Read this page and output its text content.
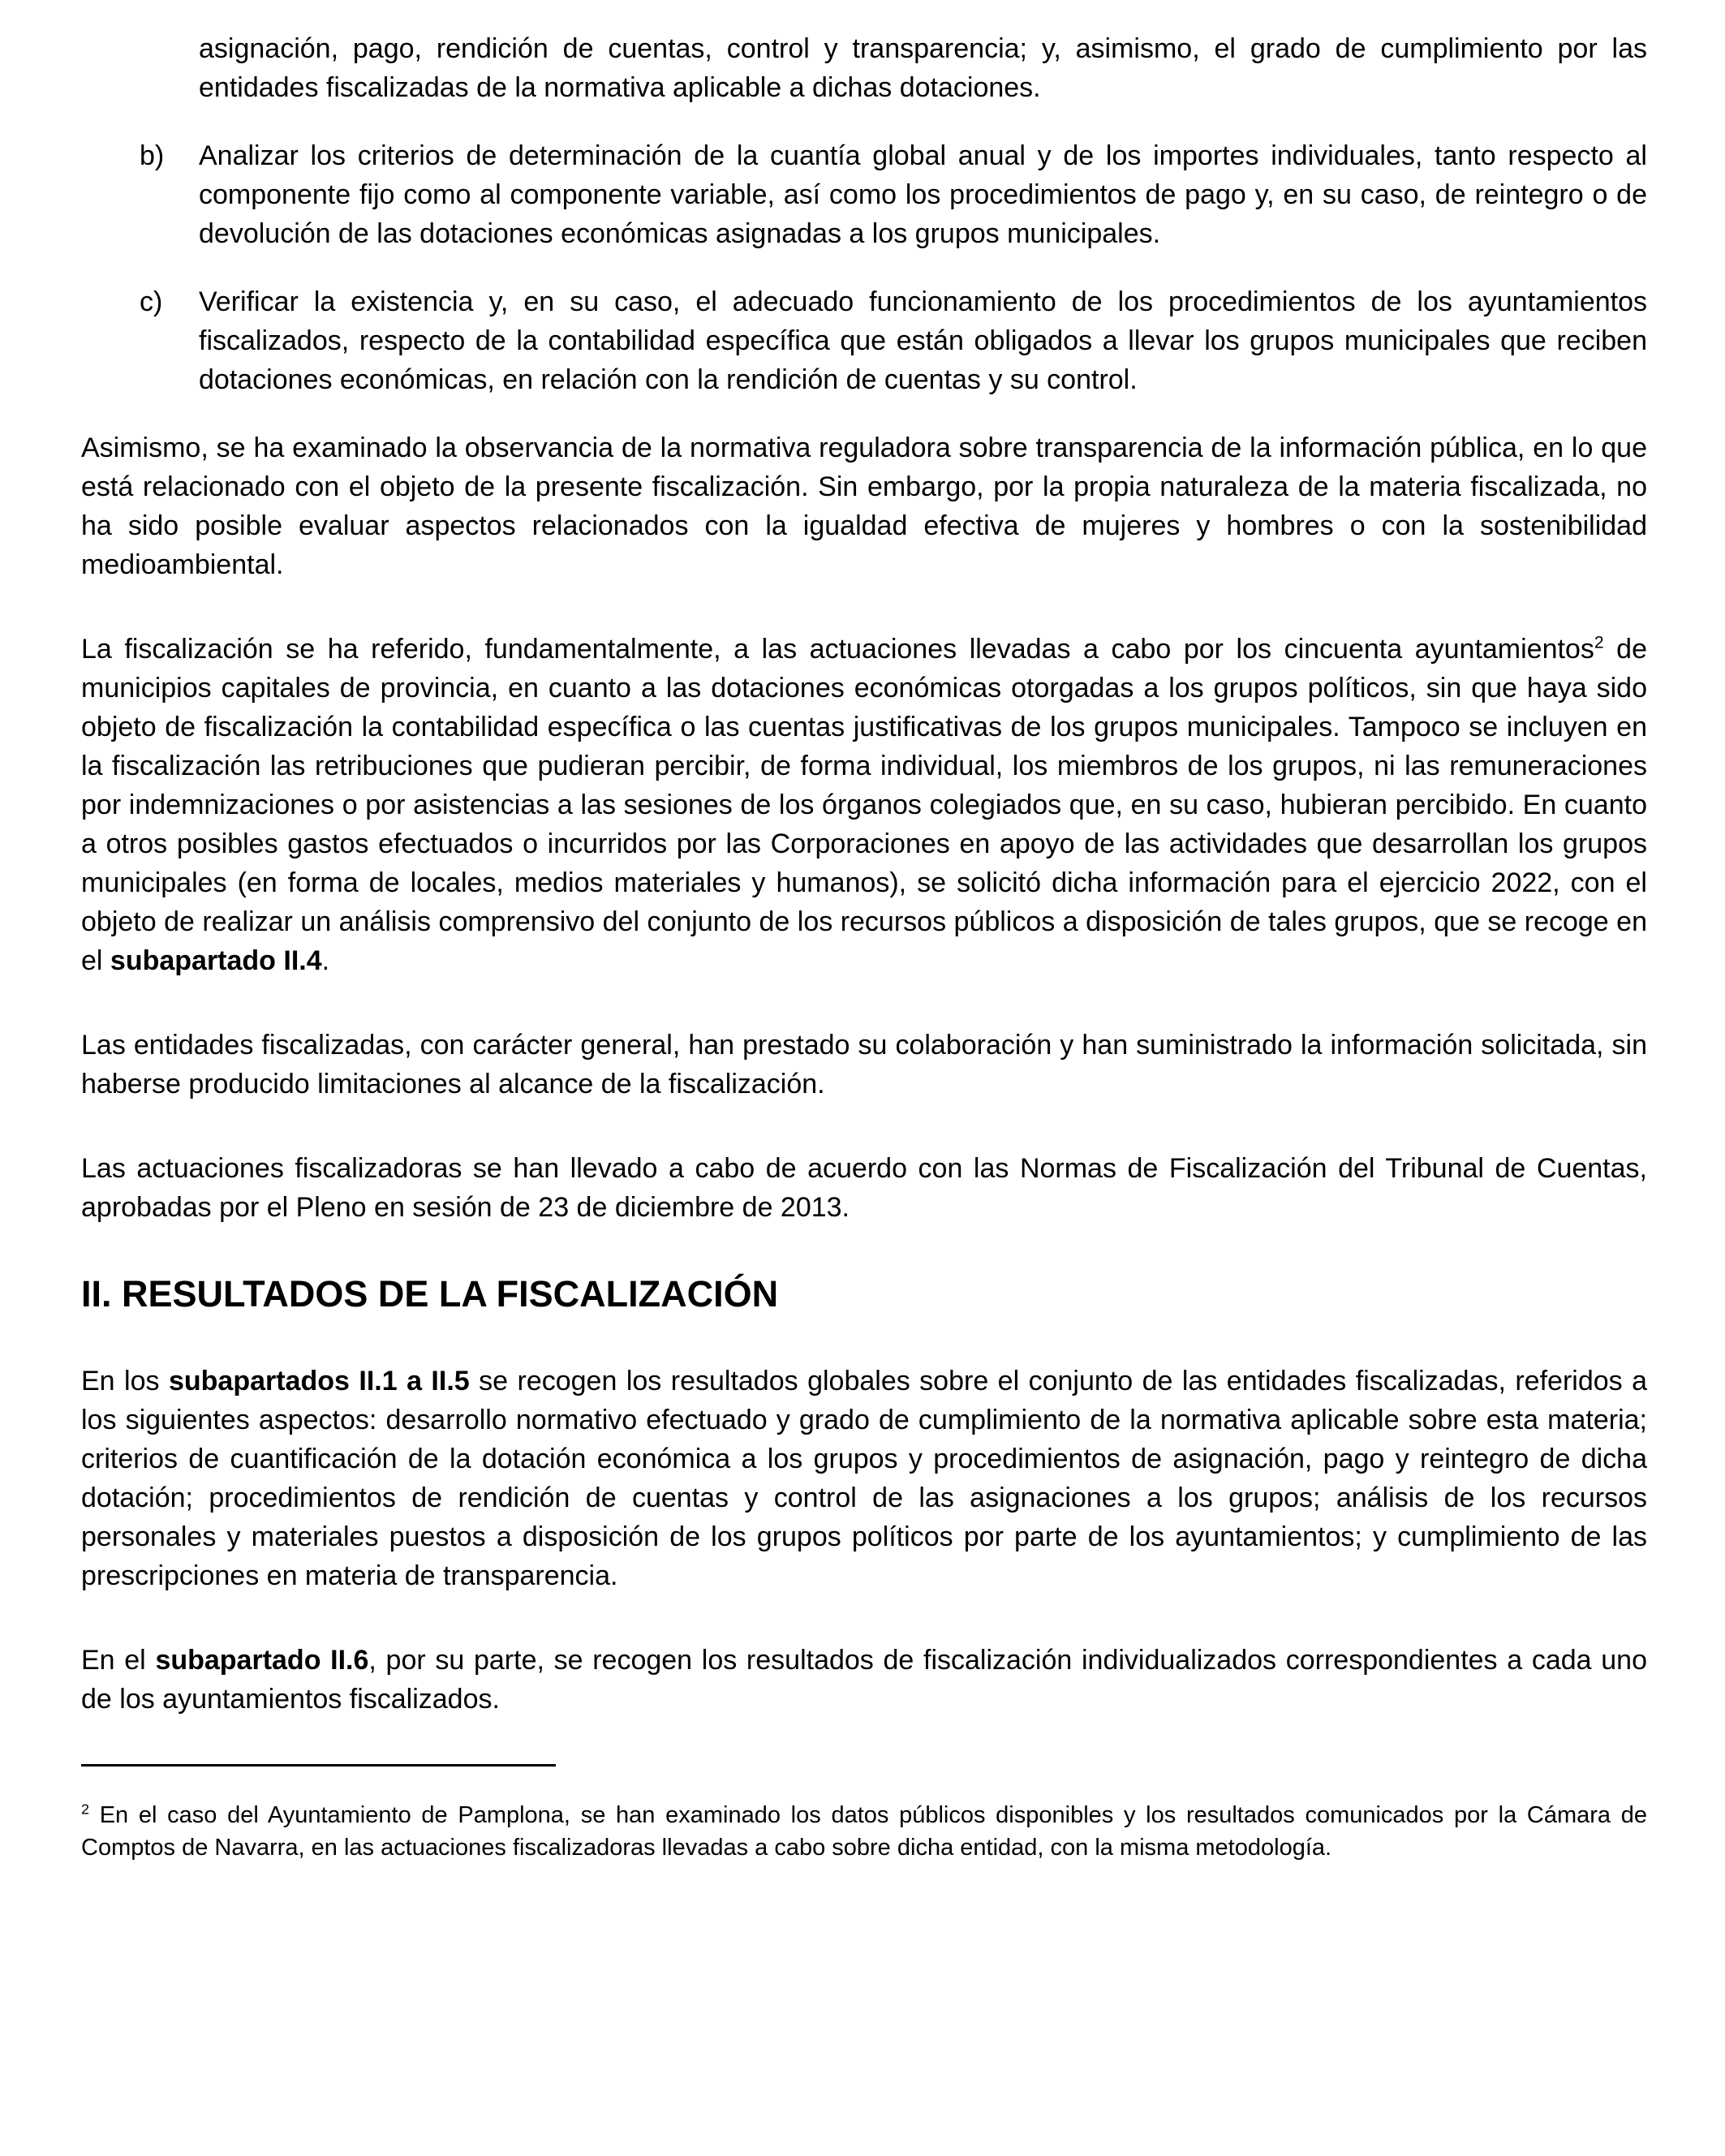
asignación, pago, rendición de cuentas, control y transparencia; y, asimismo, el grado de cumplimiento por las entidades fiscalizadas de la normativa aplicable a dichas dotaciones.
b) Analizar los criterios de determinación de la cuantía global anual y de los importes individuales, tanto respecto al componente fijo como al componente variable, así como los procedimientos de pago y, en su caso, de reintegro o de devolución de las dotaciones económicas asignadas a los grupos municipales.
c) Verificar la existencia y, en su caso, el adecuado funcionamiento de los procedimientos de los ayuntamientos fiscalizados, respecto de la contabilidad específica que están obligados a llevar los grupos municipales que reciben dotaciones económicas, en relación con la rendición de cuentas y su control.
Asimismo, se ha examinado la observancia de la normativa reguladora sobre transparencia de la información pública, en lo que está relacionado con el objeto de la presente fiscalización. Sin embargo, por la propia naturaleza de la materia fiscalizada, no ha sido posible evaluar aspectos relacionados con la igualdad efectiva de mujeres y hombres o con la sostenibilidad medioambiental.
La fiscalización se ha referido, fundamentalmente, a las actuaciones llevadas a cabo por los cincuenta ayuntamientos$^2$ de municipios capitales de provincia, en cuanto a las dotaciones económicas otorgadas a los grupos políticos, sin que haya sido objeto de fiscalización la contabilidad específica o las cuentas justificativas de los grupos municipales. Tampoco se incluyen en la fiscalización las retribuciones que pudieran percibir, de forma individual, los miembros de los grupos, ni las remuneraciones por indemnizaciones o por asistencias a las sesiones de los órganos colegiados que, en su caso, hubieran percibido. En cuanto a otros posibles gastos efectuados o incurridos por las Corporaciones en apoyo de las actividades que desarrollan los grupos municipales (en forma de locales, medios materiales y humanos), se solicitó dicha información para el ejercicio 2022, con el objeto de realizar un análisis comprensivo del conjunto de los recursos públicos a disposición de tales grupos, que se recoge en el subapartado II.4.
Las entidades fiscalizadas, con carácter general, han prestado su colaboración y han suministrado la información solicitada, sin haberse producido limitaciones al alcance de la fiscalización.
Las actuaciones fiscalizadoras se han llevado a cabo de acuerdo con las Normas de Fiscalización del Tribunal de Cuentas, aprobadas por el Pleno en sesión de 23 de diciembre de 2013.
II. RESULTADOS DE LA FISCALIZACIÓN
En los subapartados II.1 a II.5 se recogen los resultados globales sobre el conjunto de las entidades fiscalizadas, referidos a los siguientes aspectos: desarrollo normativo efectuado y grado de cumplimiento de la normativa aplicable sobre esta materia; criterios de cuantificación de la dotación económica a los grupos y procedimientos de asignación, pago y reintegro de dicha dotación; procedimientos de rendición de cuentas y control de las asignaciones a los grupos; análisis de los recursos personales y materiales puestos a disposición de los grupos políticos por parte de los ayuntamientos; y cumplimiento de las prescripciones en materia de transparencia.
En el subapartado II.6, por su parte, se recogen los resultados de fiscalización individualizados correspondientes a cada uno de los ayuntamientos fiscalizados.
$^2$ En el caso del Ayuntamiento de Pamplona, se han examinado los datos públicos disponibles y los resultados comunicados por la Cámara de Comptos de Navarra, en las actuaciones fiscalizadoras llevadas a cabo sobre dicha entidad, con la misma metodología.
